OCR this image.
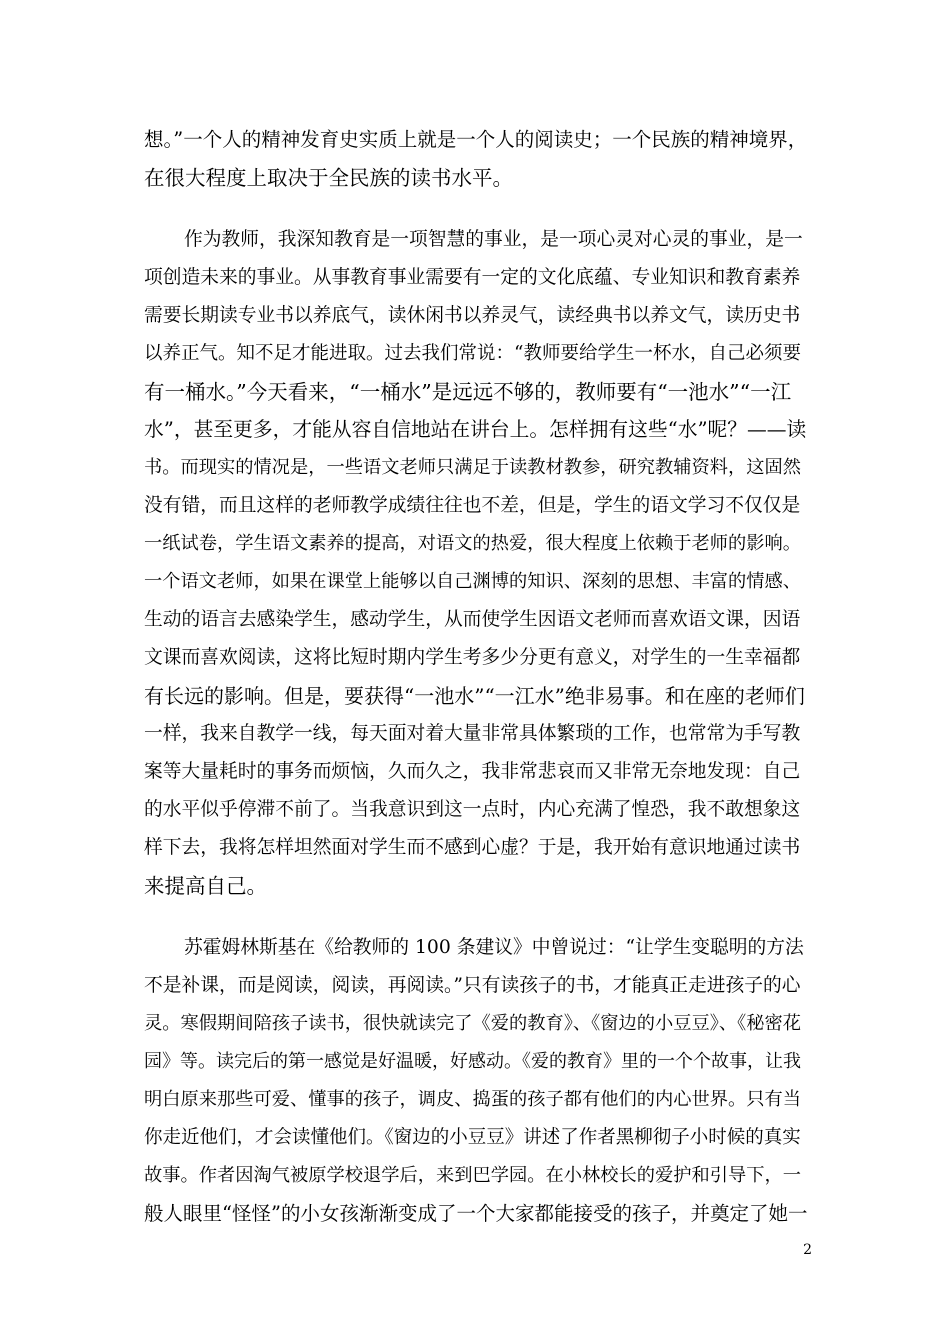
想。”一个人的精神发育史实质上就是一个人的阅读史；一个民族的精神境界，
在很大程度上取决于全民族的读书水平。
作为教师，我深知教育是一项智慧的事业，是一项心灵对心灵的事业，是一
项创造未来的事业。从事教育事业需要有一定的文化底蕴、专业知识和教育素养
需要长期读专业书以养底气，读休闲书以养灵气，读经典书以养文气，读历史书
以养正气。知不足才能进取。过去我们常说：“教师要给学生一杯水，自己必须要
有一桶水。”今天看来，“一桶水”是远远不够的，教师要有“一池水”“一江
水”，甚至更多，才能从容自信地站在讲台上。怎样拥有这些“水”呢？——读
书。而现实的情况是，一些语文老师只满足于读教材教参，研究教辅资料，这固然
没有错，而且这样的老师教学成绩往往也不差，但是，学生的语文学习不仅仅是
一纸试卷，学生语文素养的提高，对语文的热爱，很大程度上依赖于老师的影响。
一个语文老师，如果在课堂上能够以自己渊博的知识、深刻的思想、丰富的情感、
生动的语言去感染学生，感动学生，从而使学生因语文老师而喜欢语文课，因语
文课而喜欢阅读，这将比短时期内学生考多少分更有意义，对学生的一生幸福都
有长远的影响。但是，要获得“一池水”“一江水”绝非易事。和在座的老师们
一样，我来自教学一线，每天面对着大量非常具体繁琐的工作，也常常为手写教
案等大量耗时的事务而烦恼，久而久之，我非常悲哀而又非常无奈地发现：自己
的水平似乎停滞不前了。当我意识到这一点时，内心充满了惶恐，我不敢想象这
样下去，我将怎样坦然面对学生而不感到心虚？于是，我开始有意识地通过读书
来提高自己。
苏霍姆林斯基在《给教师的 100 条建议》中曾说过：“让学生变聪明的方法
不是补课，而是阅读，阅读，再阅读。”只有读孩子的书，才能真正走进孩子的心
灵。寒假期间陪孩子读书，很快就读完了《爱的教育》、《窗边的小豆豆》、《秘密花
园》等。读完后的第一感觉是好温暖，好感动。《爱的教育》里的一个个故事，让我
明白原来那些可爱、懂事的孩子，调皮、捣蛋的孩子都有他们的内心世界。只有当
你走近他们，才会读懂他们。《窗边的小豆豆》讲述了作者黑柳彻子小时候的真实
故事。作者因淘气被原学校退学后，来到巴学园。在小林校长的爱护和引导下，一
般人眼里“怪怪”的小女孩渐渐变成了一个大家都能接受的孩子，并奠定了她一
2
